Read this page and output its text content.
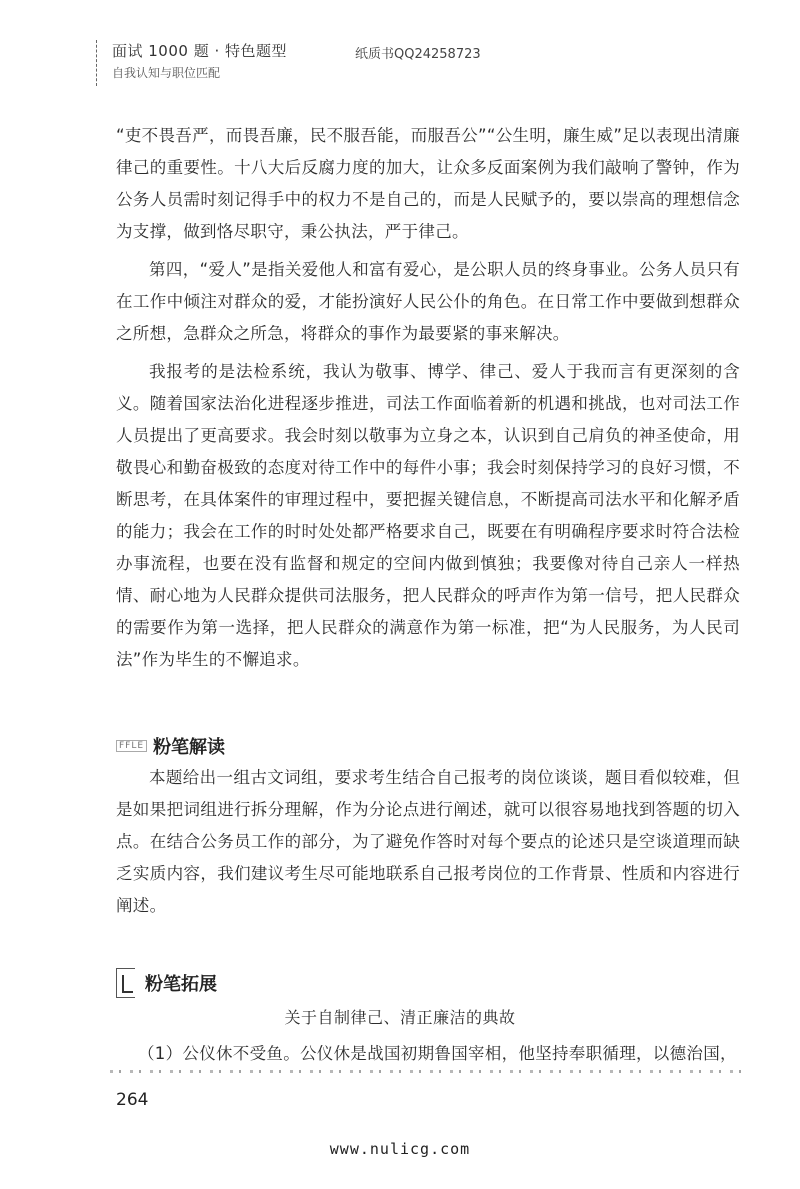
面试 1000 题 · 特色题型
自我认知与职位匹配
纸质书QQ24258723

“吏不畏吾严，而畏吾廉，民不服吾能，而服吾公”“公生明，廉生威”足以表现出清廉律己的重要性。十八大后反腐力度的加大，让众多反面案例为我们敲响了警钟，作为公务人员需时刻记得手中的权力不是自己的，而是人民赋予的，要以崇高的理想信念为支撑，做到恪尽职守，秉公执法，严于律己。

第四，“爱人”是指关爱他人和富有爱心，是公职人员的终身事业。公务人员只有在工作中倾注对群众的爱，才能扮演好人民公仆的角色。在日常工作中要做到想群众之所想，急群众之所急，将群众的事作为最要紧的事来解决。

我报考的是法检系统，我认为敬事、博学、律己、爱人于我而言有更深刻的含义。随着国家法治化进程逐步推进，司法工作面临着新的机遇和挑战，也对司法工作人员提出了更高要求。我会时刻以敬事为立身之本，认识到自己肩负的神圣使命，用敬畏心和勤奋极致的态度对待工作中的每件小事；我会时刻保持学习的良好习惯，不断思考，在具体案件的审理过程中，要把握关键信息，不断提高司法水平和化解矛盾的能力；我会在工作的时时处处都严格要求自己，既要在有明确程序要求时符合法检办事流程，也要在没有监督和规定的空间内做到慎独；我要像对待自己亲人一样热情、耐心地为人民群众提供司法服务，把人民群众的呼声作为第一信号，把人民群众的需要作为第一选择，把人民群众的满意作为第一标准，把“为人民服务，为人民司法”作为毕生的不懈追求。

FFLE 粉笔解读

本题给出一组古文词组，要求考生结合自己报考的岗位谈谈，题目看似较难，但是如果把词组进行拆分理解，作为分论点进行阐述，就可以很容易地找到答题的切入点。在结合公务员工作的部分，为了避免作答时对每个要点的论述只是空谈道理而缺乏实质内容，我们建议考生尽可能地联系自己报考岗位的工作背景、性质和内容进行阐述。

粉笔拓展
关于自制律己、清正廉洁的典故
（1）公仪休不受鱼。公仪休是战国初期鲁国宰相，他坚持奉职循理，以德治国，
264
www.nulicg.com
